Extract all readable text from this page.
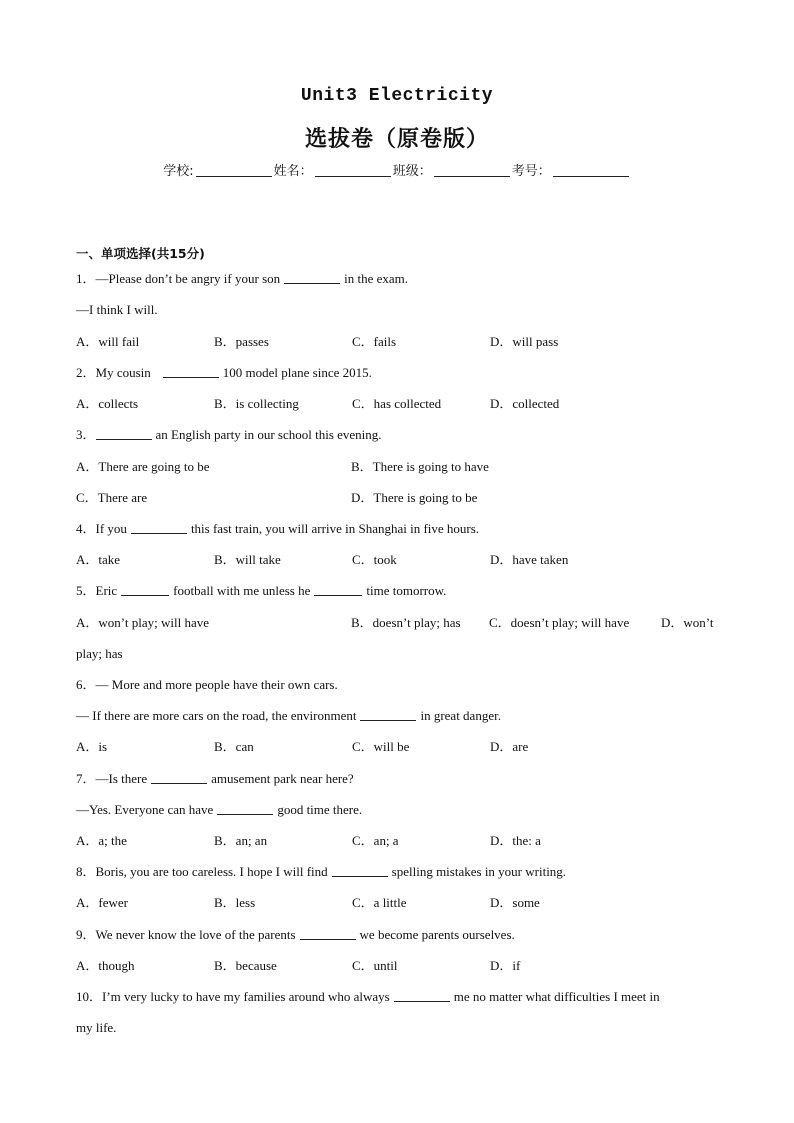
Unit3 Electricity
选拔卷（原卷版）
学校:	姓名：	班级：	考号：
一、单项选择(共15分)
1．—Please don’t be angry if your son	in the exam.
—I think I will.
A．will fail	B．passes	C．fails	D．will pass
2．My cousin	100 model plane since 2015.
A．collects	B．is collecting	C．has collected	D．collected
3．	an English party in our school this evening.
A．There are going to be	B．There is going to have
C．There are	D．There is going to be
4．If you	this fast train, you will arrive in Shanghai in five hours.
A．take	B．will take	C．took	D．have taken
5．Eric	football with me unless he	time tomorrow.
A．won’t play; will have	B．doesn’t play; has C．doesn’t play; will have D．won’t
play; has
6．— More and more people have their own cars.
— If there are more cars on the road, the environment	in great danger.
A．is	B．can	C．will be	D．are
7．—Is there	amusement park near here?
—Yes. Everyone can have	good time there.
A．a; the	B．an; an	C．an; a	D．the: a
8．Boris, you are too careless. I hope I will find	spelling mistakes in your writing.
A．fewer	B．less	C．a little	D．some
9．We never know the love of the parents	we become parents ourselves.
A．though	B．because	C．until	D．if
10．I’m very lucky to have my families around who always	me no matter what difficulties I meet in
my life.
